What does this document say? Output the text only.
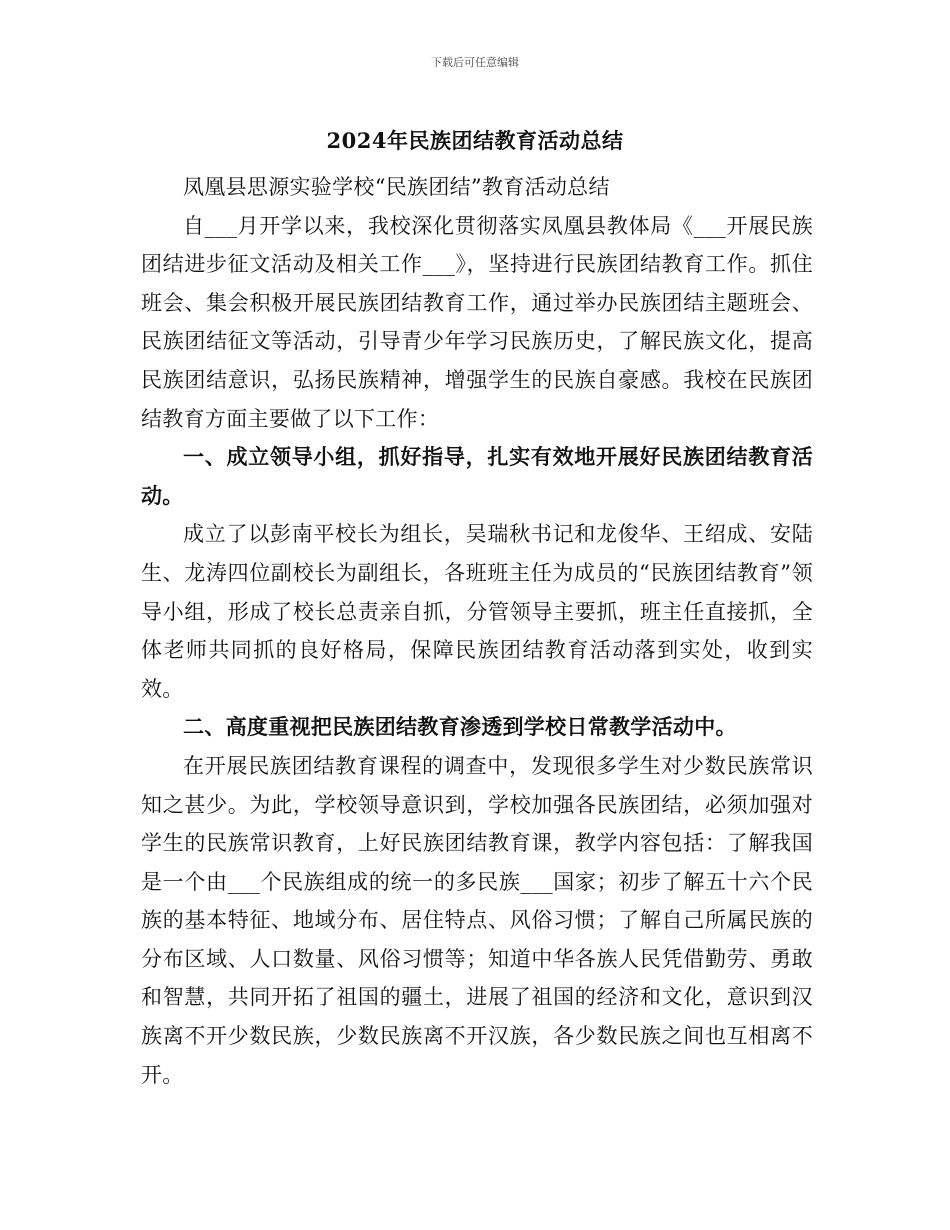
下载后可任意编辑
2024年民族团结教育活动总结

凤凰县思源实验学校“民族团结”教育活动总结

自___月开学以来，我校深化贯彻落实凤凰县教体局《___开展民族团结进步征文活动及相关工作___》，坚持进行民族团结教育工作。抓住班会、集会积极开展民族团结教育工作，通过举办民族团结主题班会、民族团结征文等活动，引导青少年学习民族历史，了解民族文化，提高民族团结意识，弘扬民族精神，增强学生的民族自豪感。我校在民族团结教育方面主要做了以下工作：

一、成立领导小组，抓好指导，扎实有效地开展好民族团结教育活动。

成立了以彭南平校长为组长，吴瑞秋书记和龙俊华、王绍成、安陆生、龙涛四位副校长为副组长，各班班主任为成员的“民族团结教育”领导小组，形成了校长总责亲自抓，分管领导主要抓，班主任直接抓，全体老师共同抓的良好格局，保障民族团结教育活动落到实处，收到实效。

二、高度重视把民族团结教育渗透到学校日常教学活动中。

在开展民族团结教育课程的调查中，发现很多学生对少数民族常识知之甚少。为此，学校领导意识到，学校加强各民族团结，必须加强对学生的民族常识教育，上好民族团结教育课，教学内容包括：了解我国是一个由___个民族组成的统一的多民族___国家；初步了解五十六个民族的基本特征、地域分布、居住特点、风俗习惯；了解自己所属民族的分布区域、人口数量、风俗习惯等；知道中华各族人民凭借勤劳、勇敢和智慧，共同开拓了祖国的疆土，进展了祖国的经济和文化，意识到汉族离不开少数民族，少数民族离不开汉族，各少数民族之间也互相离不开。
